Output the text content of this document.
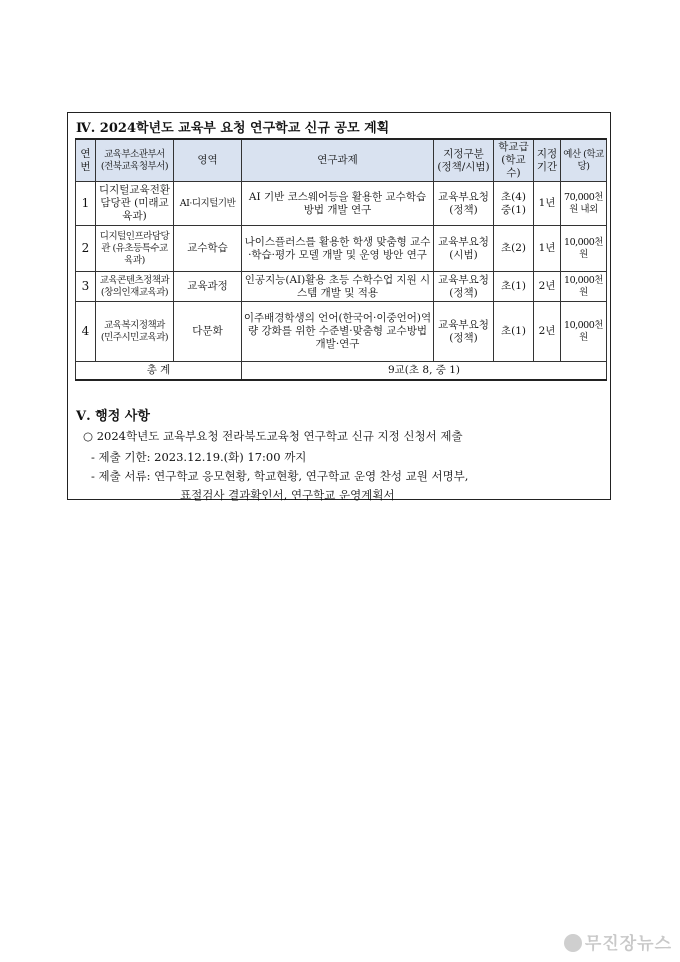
Ⅳ. 2024학년도 교육부 요청 연구학교 신규 공모 계획
연번	교육부소관부서 (전북교육청부서)	영역	연구과제	지정구분 (정책/시범)	학교급 (학교수)	지정 기간	예산 (학교당)
1	디지털교육전환담당관 (미래교육과)	AI·디지털기반	AI 기반 코스웨어등을 활용한 교수학습 방법 개발 연구	교육부요청 (정책)	초(4) 중(1)	1년	70,000천원 내외
2	디지털인프라담당관 (유초등특수교육과)	교수학습	나이스플러스를 활용한 학생 맞춤형 교수·학습·평가 모델 개발 및 운영 방안 연구	교육부요청 (시범)	초(2)	1년	10,000천원
3	교육콘텐츠정책과 (창의인재교육과)	교육과정	인공지능(AI)활용 초등 수학수업 지원 시스템 개발 및 적용	교육부요청 (정책)	초(1)	2년	10,000천원
4	교육복지정책과 (민주시민교육과)	다문화	이주배경학생의 언어(한국어·이중언어)역량 강화를 위한 수준별·맞춤형 교수방법 개발·연구	교육부요청 (정책)	초(1)	2년	10,000천원
총 계			9교(초 8, 중 1)				
Ⅴ. 행정 사항
○ 2024학년도 교육부요청 전라북도교육청 연구학교 신규 지정 신청서 제출
- 제출 기한: 2023.12.19.(화) 17:00 까지
- 제출 서류: 연구학교 응모현황, 학교현황, 연구학교 운영 찬성 교원 서명부,
표절검사 결과확인서, 연구학교 운영계획서
무진장뉴스
